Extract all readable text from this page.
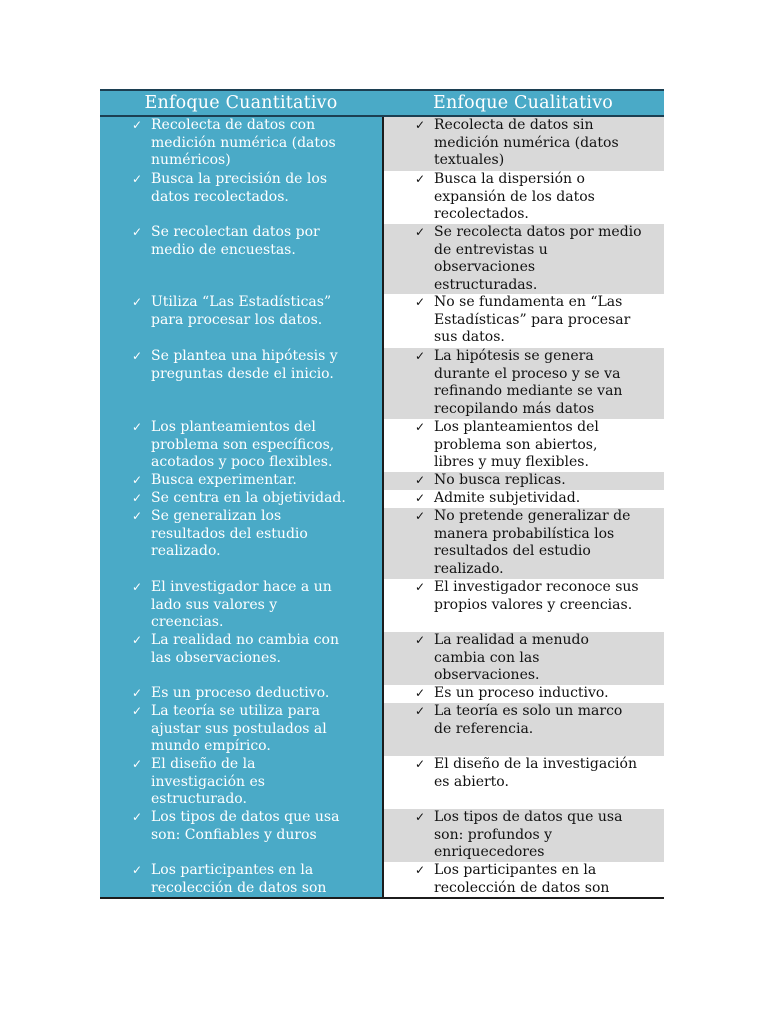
Enfoque Cuantitativo	Enfoque Cualitativo
✓ Recolecta de datos con
medición numérica (datos
numéricos)
✓ Busca la precisión de los
datos recolectados.
✓ Se recolectan datos por
medio de encuestas.
✓ Utiliza “Las Estadísticas”
para procesar los datos.
✓ Se plantea una hipótesis y
preguntas desde el inicio.
✓ Los planteamientos del
problema son específicos,
acotados y poco flexibles.
✓ Busca experimentar.
✓ Se centra en la objetividad.
✓ Se generalizan los
resultados del estudio
realizado.
✓ El investigador hace a un
lado sus valores y
creencias.
✓ La realidad no cambia con
las observaciones.
✓ Es un proceso deductivo.
✓ La teoría se utiliza para
ajustar sus postulados al
mundo empírico.
✓ El diseño de la
investigación es
estructurado.
✓ Los tipos de datos que usa
son: Confiables y duros
✓ Los participantes en la
recolección de datos son
✓ Recolecta de datos sin
medición numérica (datos
textuales)
✓ Busca la dispersión o
expansión de los datos
recolectados.
✓ Se recolecta datos por medio
de entrevistas u
observaciones
estructuradas.
✓ No se fundamenta en “Las
Estadísticas” para procesar
sus datos.
✓ La hipótesis se genera
durante el proceso y se va
refinando mediante se van
recopilando más datos
✓ Los planteamientos del
problema son abiertos,
libres y muy flexibles.
✓ No busca replicas.
✓ Admite subjetividad.
✓ No pretende generalizar de
manera probabilística los
resultados del estudio
realizado.
✓ El investigador reconoce sus
propios valores y creencias.
✓ La realidad a menudo
cambia con las
observaciones.
✓ Es un proceso inductivo.
✓ La teoría es solo un marco
de referencia.
✓ El diseño de la investigación
es abierto.
✓ Los tipos de datos que usa
son: profundos y
enriquecedores
✓ Los participantes en la
recolección de datos son
